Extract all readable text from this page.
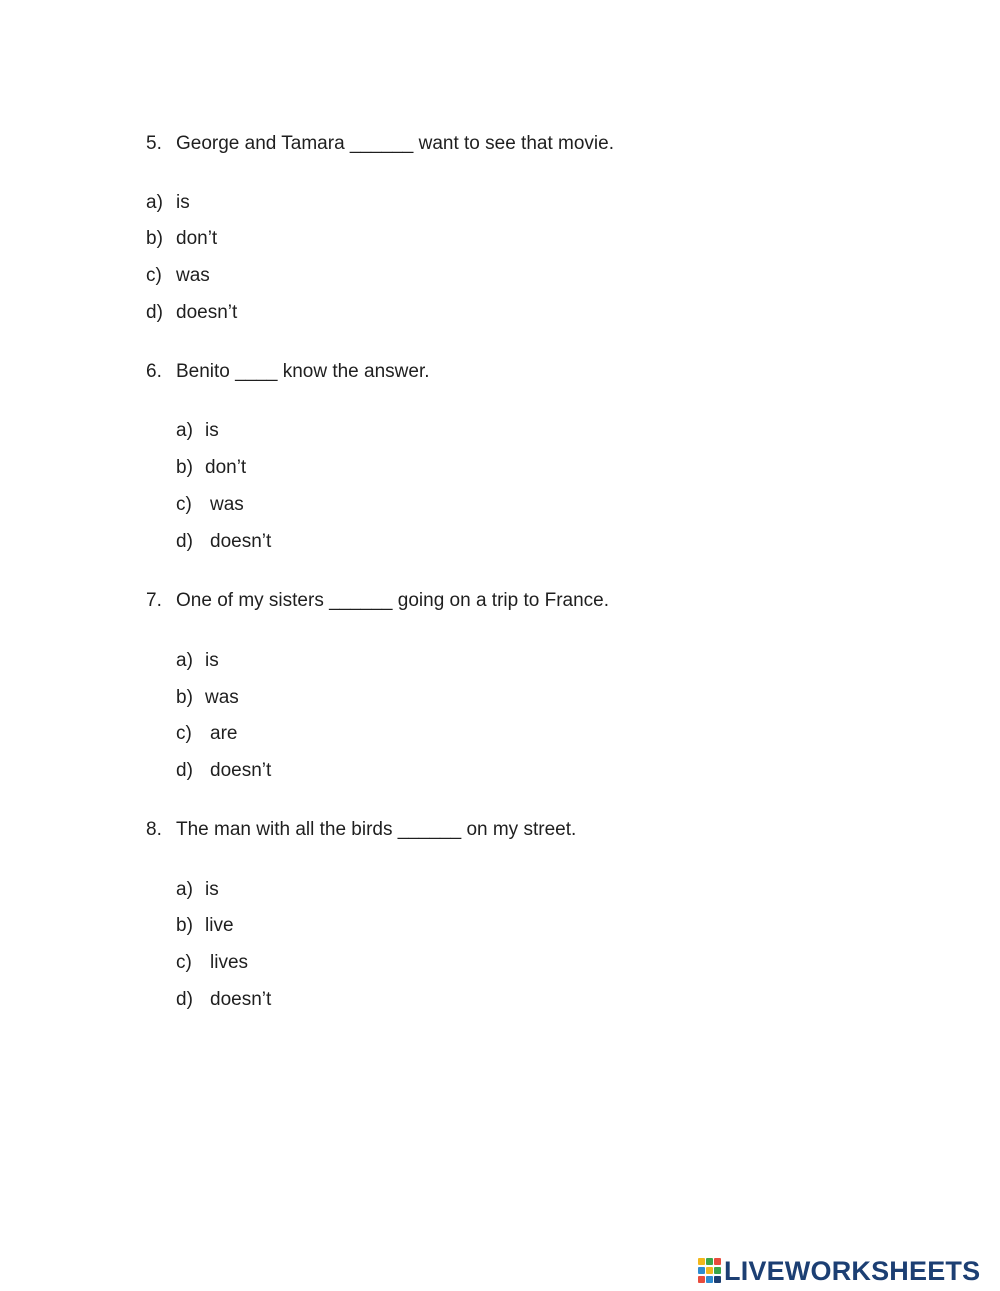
5. George and Tamara ______ want to see that movie.
a) is
b) don’t
c) was
d) doesn’t
6. Benito ____ know the answer.
a) is
b) don’t
c) was
d) doesn’t
7. One of my sisters ______ going on a trip to France.
a) is
b) was
c) are
d) doesn’t
8. The man with all the birds ______ on my street.
a) is
b) live
c) lives
d) doesn’t
LIVEWORKSHEETS
